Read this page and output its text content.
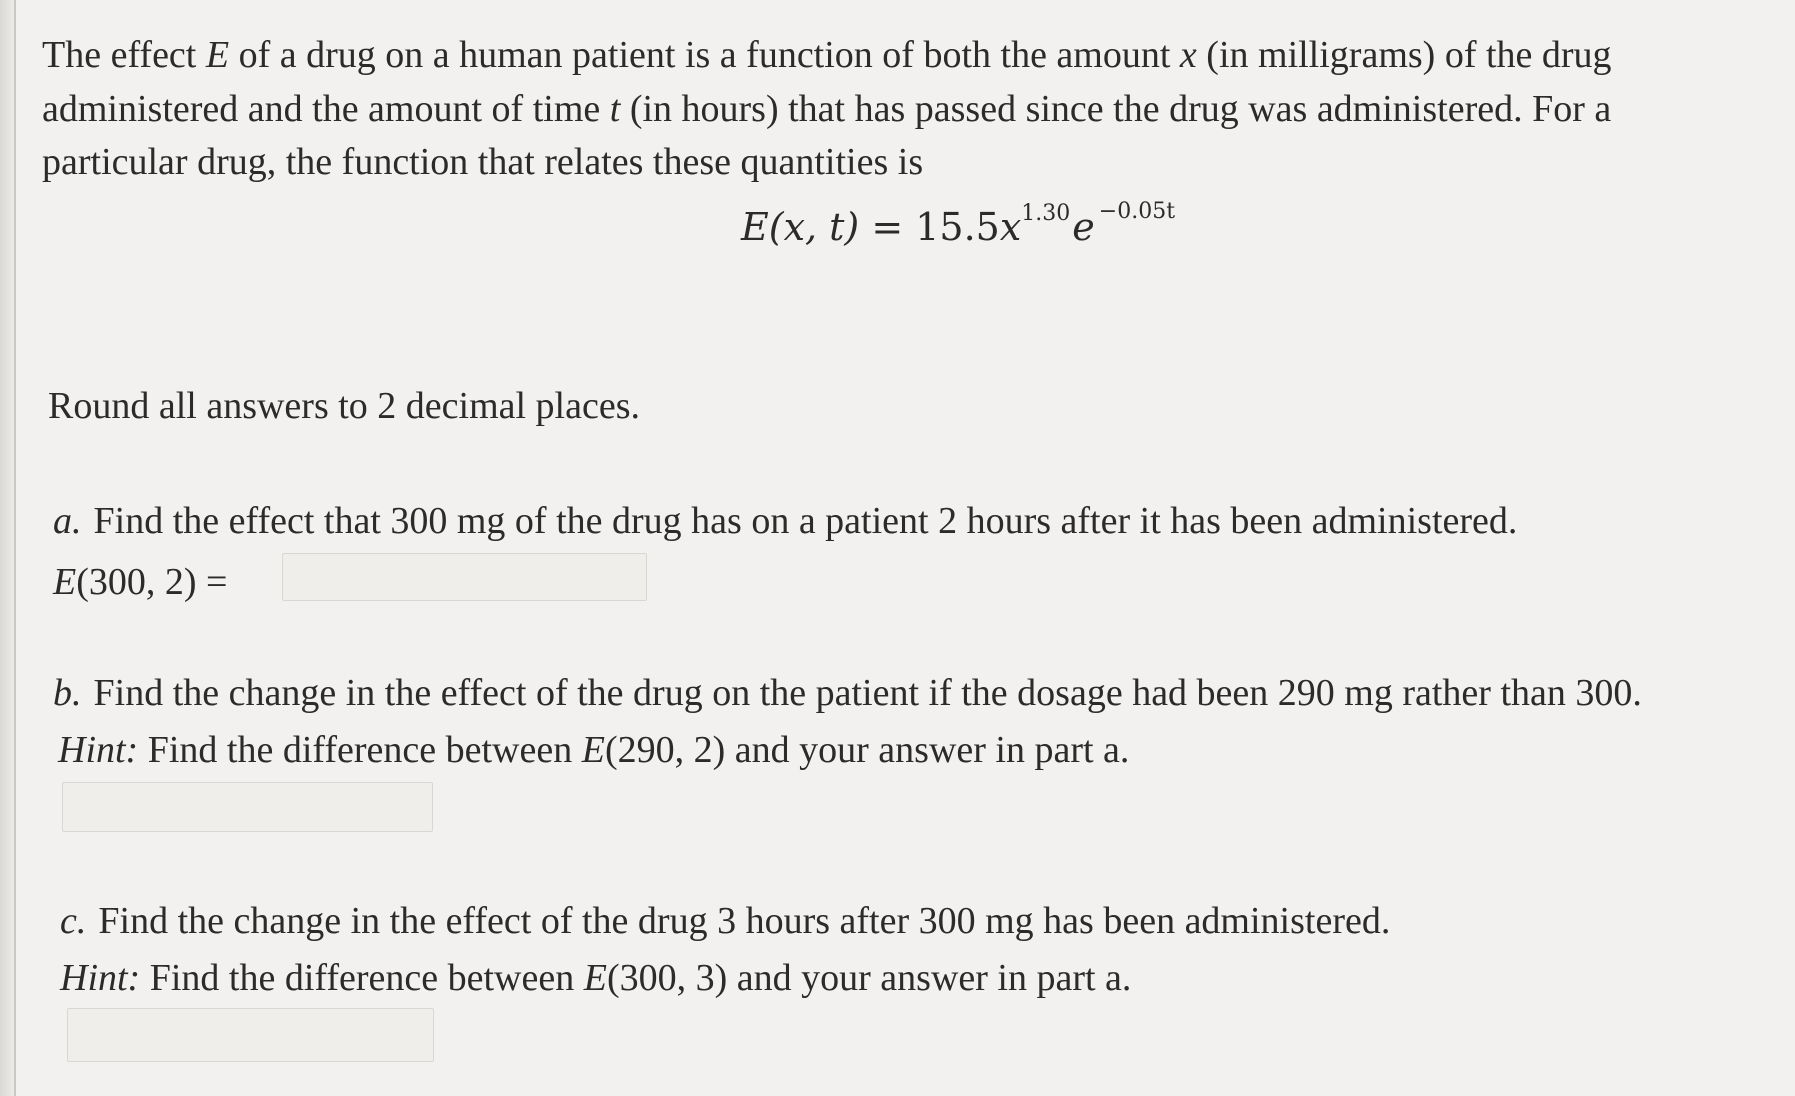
The effect E of a drug on a human patient is a function of both the amount x (in milligrams) of the drug
administered and the amount of time t (in hours) that has passed since the drug was administered. For a
particular drug, the function that relates these quantities is
E(x, $t) = 15.5x^{1.30}e$ $^{-0.05t}$
Round all answers to 2 decimal places.
a. Find the effect that 300 mg of the drug has on a patient 2 hours after it has been administered.
E(300, 2) =
b. Find the change in the effect of the drug on the patient if the dosage had been 290 mg rather than 300.
Hint: Find the difference between E(290, 2) and your answer in part a.
c. Find the change in the effect of the drug 3 hours after 300 mg has been administered.
Hint: Find the difference between E(300, 3) and your answer in part a.
